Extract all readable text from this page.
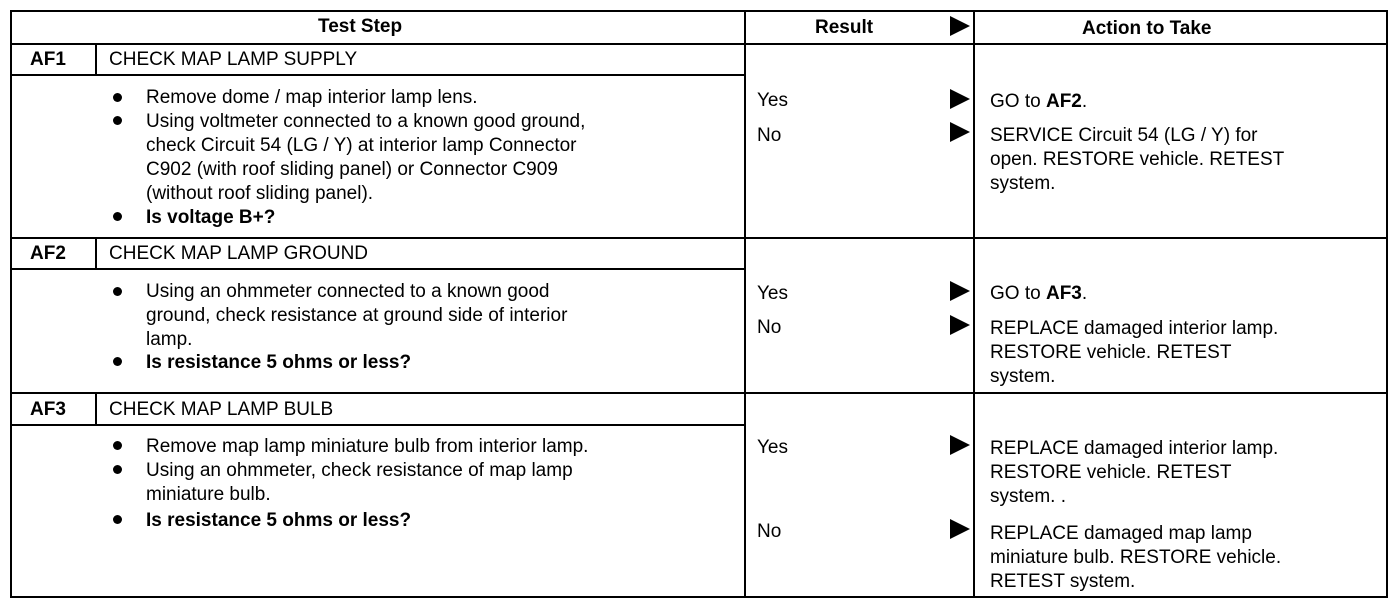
Test Step	Result	Action to Take
AF1 CHECK MAP LAMP SUPPLY
Remove dome / map interior lamp lens.
Using voltmeter connected to a known good ground,
check Circuit 54 (LG / Y) at interior lamp Connector
C902 (with roof sliding panel) or Connector C909
(without roof sliding panel).
Is voltage B+?
Yes	GO to AF2.
No	SERVICE Circuit 54 (LG / Y) for
open. RESTORE vehicle. RETEST
system.
AF2 CHECK MAP LAMP GROUND
Using an ohmmeter connected to a known good
ground, check resistance at ground side of interior
lamp.
Is resistance 5 ohms or less?
Yes	GO to AF3.
No	REPLACE damaged interior lamp.
RESTORE vehicle. RETEST
system.
AF3 CHECK MAP LAMP BULB
Remove map lamp miniature bulb from interior lamp.
Using an ohmmeter, check resistance of map lamp
miniature bulb.
Is resistance 5 ohms or less?
Yes	REPLACE damaged interior lamp.
RESTORE vehicle. RETEST
system. .
No	REPLACE damaged map lamp
miniature bulb. RESTORE vehicle.
RETEST system.
